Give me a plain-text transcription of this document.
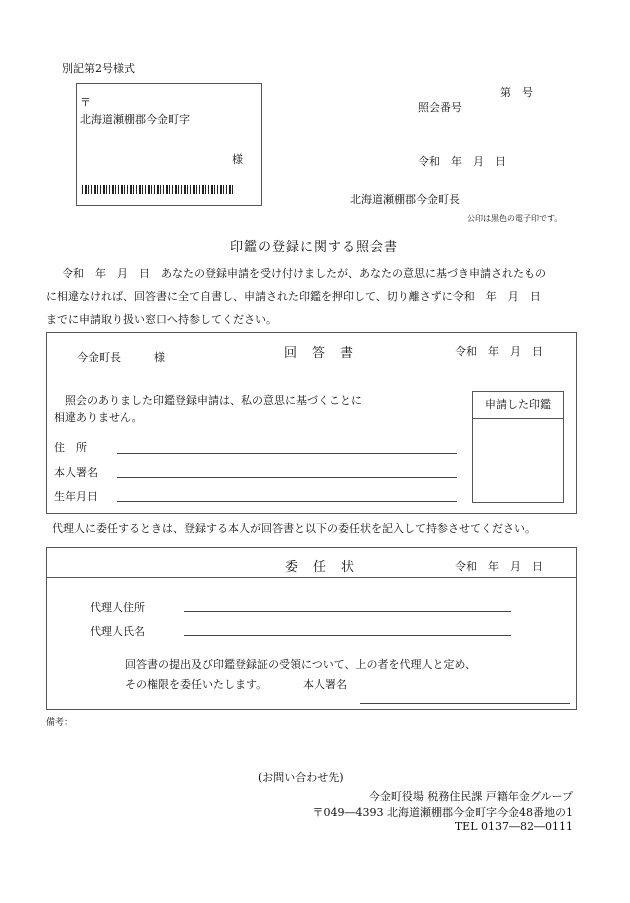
別記第2号様式
〒
北海道瀬棚郡今金町字
様
第　号
照会番号
令和　年　月　日
北海道瀬棚郡今金町長
公印は黒色の電子印です。
印鑑の登録に関する照会書
令和　年　月　日　あなたの登録申請を受け付けましたが、あなたの意思に基づき申請されたもの
に相違なければ、回答書に全て自書し、申請された印鑑を押印して、切り離さずに令和　年　月　日
までに申請取り扱い窓口へ持参してください。
今金町長　　　様	回　答　書	令和　年　月　日
照会のありました印鑑登録申請は、私の意思に基づくことに
相違ありません。
住　所
本人署名
生年月日
申請した印鑑
代理人に委任するときは、登録する本人が回答書と以下の委任状を記入して持参させてください。
委　任　状	令和　年　月　日
代理人住所
代理人氏名
回答書の提出及び印鑑登録証の受領について、上の者を代理人と定め、
その権限を委任いたします。	本人署名
備考：
(お問い合わせ先)
今金町役場 税務住民課 戸籍年金グループ
〒049―4393 北海道瀬棚郡今金町字今金48番地の1
TEL 0137―82―0111
